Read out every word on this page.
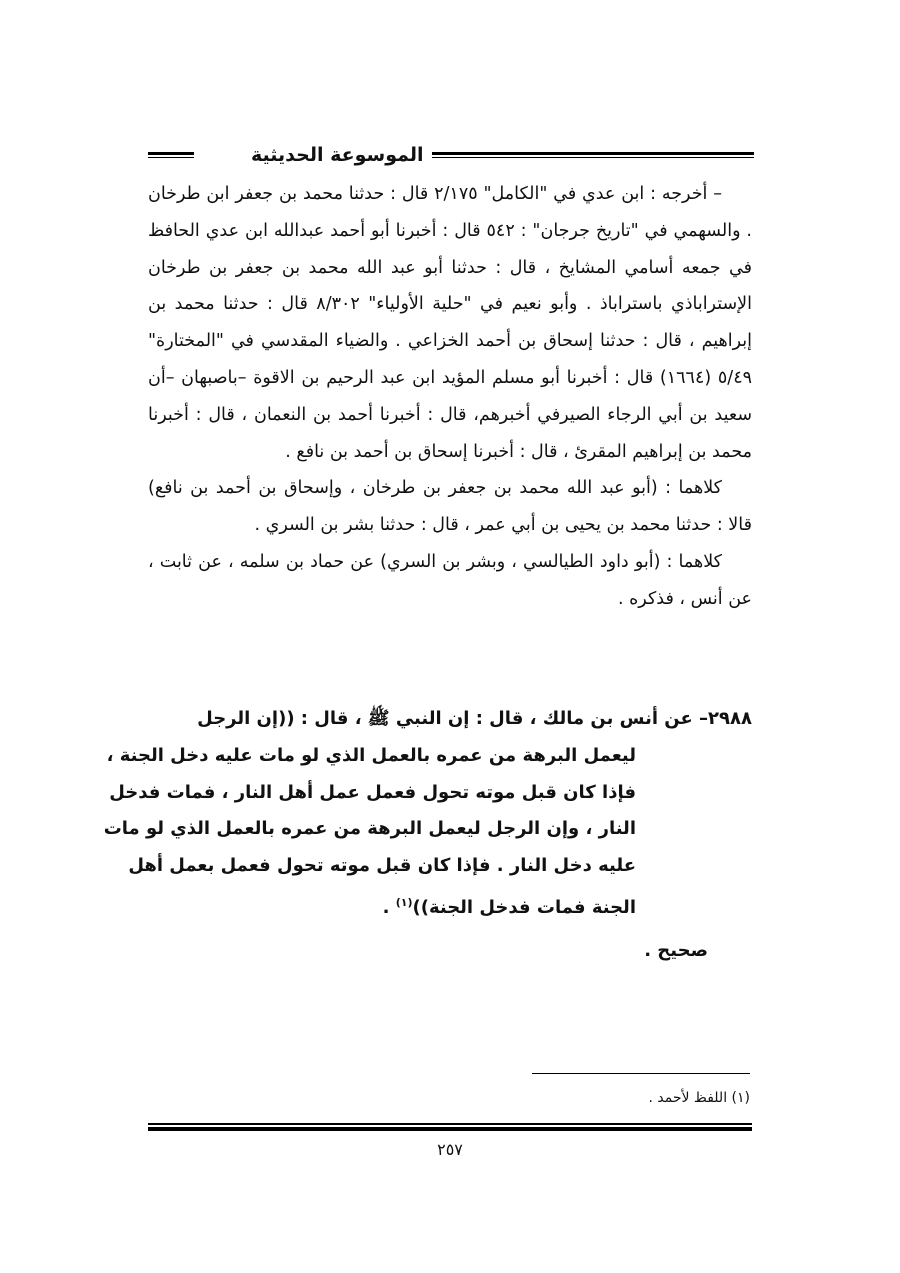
الموسوعة الحديثية

– أخرجه : ابن عدي في "الكامل" ٢/١٧٥ قال : حدثنا محمد بن جعفر ابن طرخان . والسهمي في "تاريخ جرجان" : ٥٤٢ قال : أخبرنا أبو أحمد عبدالله ابن عدي الحافظ في جمعه أسامي المشايخ ، قال : حدثنا أبو عبد الله محمد بن جعفر بن طرخان الإستراباذي باستراباذ . وأبو نعيم في "حلية الأولياء" ٨/٣٠٢ قال : حدثنا محمد بن إبراهيم ، قال : حدثنا إسحاق بن أحمد الخزاعي . والضياء المقدسي في "المختارة" ٥/٤٩ (١٦٦٤) قال : أخبرنا أبو مسلم المؤيد ابن عبد الرحيم بن الاقوة –باصبهان –أن سعيد بن أبي الرجاء الصيرفي أخبرهم، قال : أخبرنا أحمد بن النعمان ، قال : أخبرنا محمد بن إبراهيم المقرئ ، قال : أخبرنا إسحاق بن أحمد بن نافع .

كلاهما : (أبو عبد الله محمد بن جعفر بن طرخان ، وإسحاق بن أحمد بن نافع) قالا : حدثنا محمد بن يحيى بن أبي عمر ، قال : حدثنا بشر بن السري .

كلاهما : (أبو داود الطيالسي ، وبشر بن السري) عن حماد بن سلمه ، عن ثابت ، عن أنس ، فذكره .

٢٩٨٨– عن أنس بن مالك ، قال : إن النبي ﷺ ، قال : ((إن الرجل
ليعمل البرهة من عمره بالعمل الذي لو مات عليه دخل الجنة ،
فإذا كان قبل موته تحول فعمل عمل أهل النار ، فمات فدخل
النار ، وإن الرجل ليعمل البرهة من عمره بالعمل الذي لو مات
عليه دخل النار . فإذا كان قبل موته تحول فعمل بعمل أهل
الجنة فمات فدخل الجنة))$^{(١)}$ .
صحيح .
(١) اللفظ لأحمد .
٢٥٧
